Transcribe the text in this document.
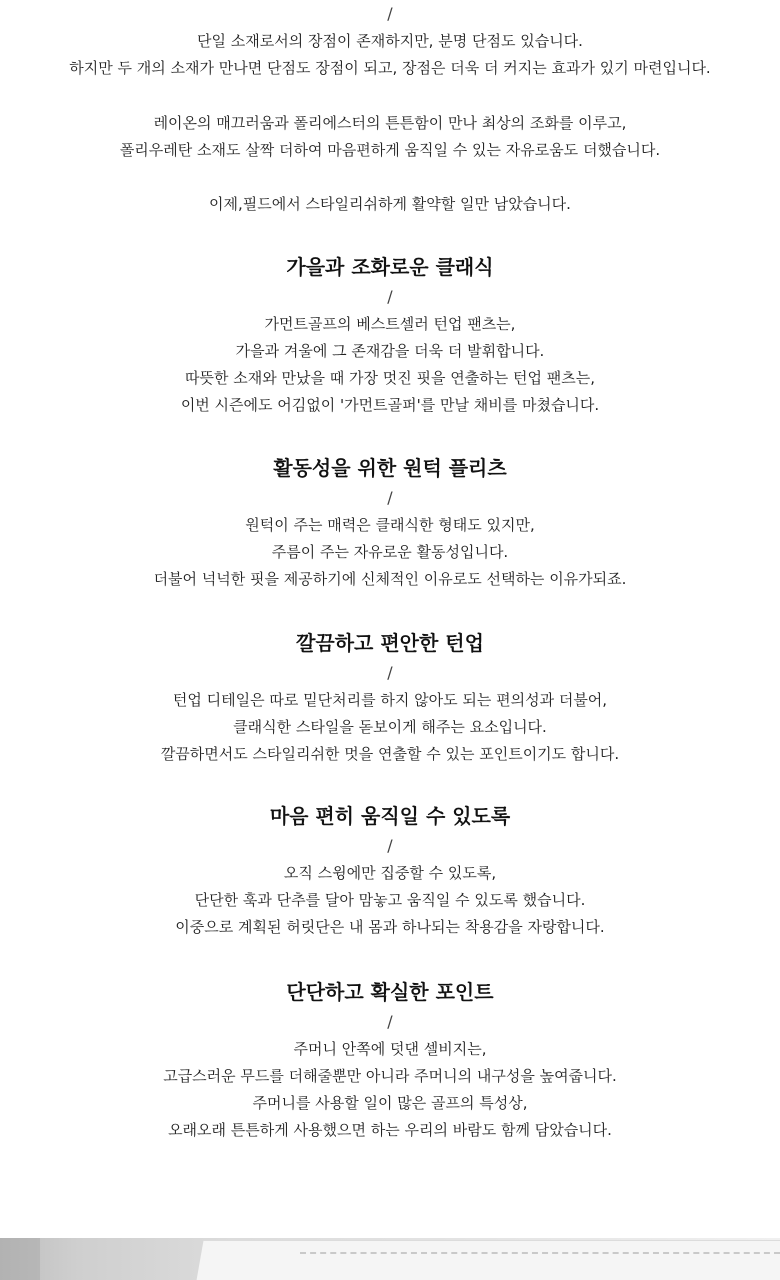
/
단일 소재로서의 장점이 존재하지만, 분명 단점도 있습니다.
하지만 두 개의 소재가 만나면 단점도 장점이 되고, 장점은 더욱 더 커지는 효과가 있기 마련입니다.
레이온의 매끄러움과 폴리에스터의 튼튼함이 만나 최상의 조화를 이루고,
폴리우레탄 소재도 살짝 더하여 마음편하게 움직일 수 있는 자유로움도 더했습니다.
이제,필드에서 스타일리쉬하게 활약할 일만 남았습니다.
가을과 조화로운 클래식
/
가먼트골프의 베스트셀러 턴업 팬츠는,
가을과 겨울에 그 존재감을 더욱 더 발휘합니다.
따뜻한 소재와 만났을 때 가장 멋진 핏을 연출하는 턴업 팬츠는,
이번 시즌에도 어김없이 '가먼트골퍼'를 만날 채비를 마쳤습니다.
활동성을 위한 원턱 플리츠
/
원턱이 주는 매력은 클래식한 형태도 있지만,
주름이 주는 자유로운 활동성입니다.
더불어 넉넉한 핏을 제공하기에 신체적인 이유로도 선택하는 이유가되죠.
깔끔하고 편안한 턴업
/
턴업 디테일은 따로 밑단처리를 하지 않아도 되는 편의성과 더불어,
클래식한 스타일을 돋보이게 해주는 요소입니다.
깔끔하면서도 스타일리쉬한 멋을 연출할 수 있는 포인트이기도 합니다.
마음 편히 움직일 수 있도록
/
오직 스윙에만 집중할 수 있도록,
단단한 훅과 단추를 달아 맘놓고 움직일 수 있도록 했습니다.
이중으로 계획된 허릿단은 내 몸과 하나되는 착용감을 자랑합니다.
단단하고 확실한 포인트
/
주머니 안쪽에 덧댄 셀비지는,
고급스러운 무드를 더해줄뿐만 아니라 주머니의 내구성을 높여줍니다.
주머니를 사용할 일이 많은 골프의 특성상,
오래오래 튼튼하게 사용했으면 하는 우리의 바람도 함께 담았습니다.
